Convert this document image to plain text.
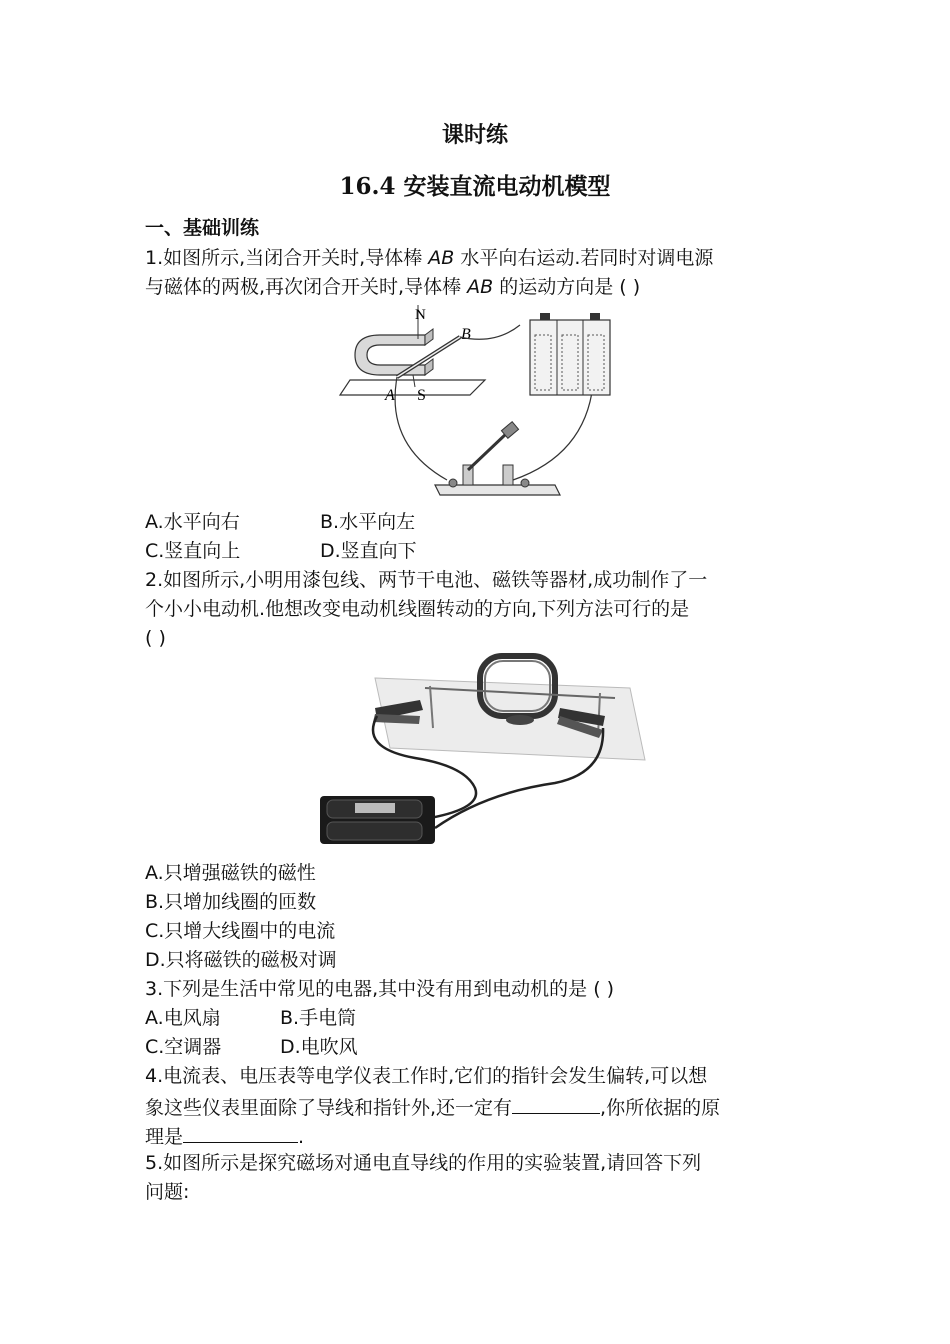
课时练
16.4 安装直流电动机模型
一、基础训练
1.如图所示,当闭合开关时,导体棒 AB 水平向右运动.若同时对调电源
与磁体的两极,再次闭合开关时,导体棒 AB 的运动方向是 ( )
N
B
A S
A.水平向右	B.水平向左
C.竖直向上	D.竖直向下
2.如图所示,小明用漆包线、两节干电池、磁铁等器材,成功制作了一
个小小电动机.他想改变电动机线圈转动的方向,下列方法可行的是
( )
A.只增强磁铁的磁性
B.只增加线圈的匝数
C.只增大线圈中的电流
D.只将磁铁的磁极对调
3.下列是生活中常见的电器,其中没有用到电动机的是 ( )
A.电风扇	B.手电筒
C.空调器	D.电吹风
4.电流表、电压表等电学仪表工作时,它们的指针会发生偏转,可以想
象这些仪表里面除了导线和指针外,还一定有	,你所依据的原
理是	.
5.如图所示是探究磁场对通电直导线的作用的实验装置,请回答下列
问题:
